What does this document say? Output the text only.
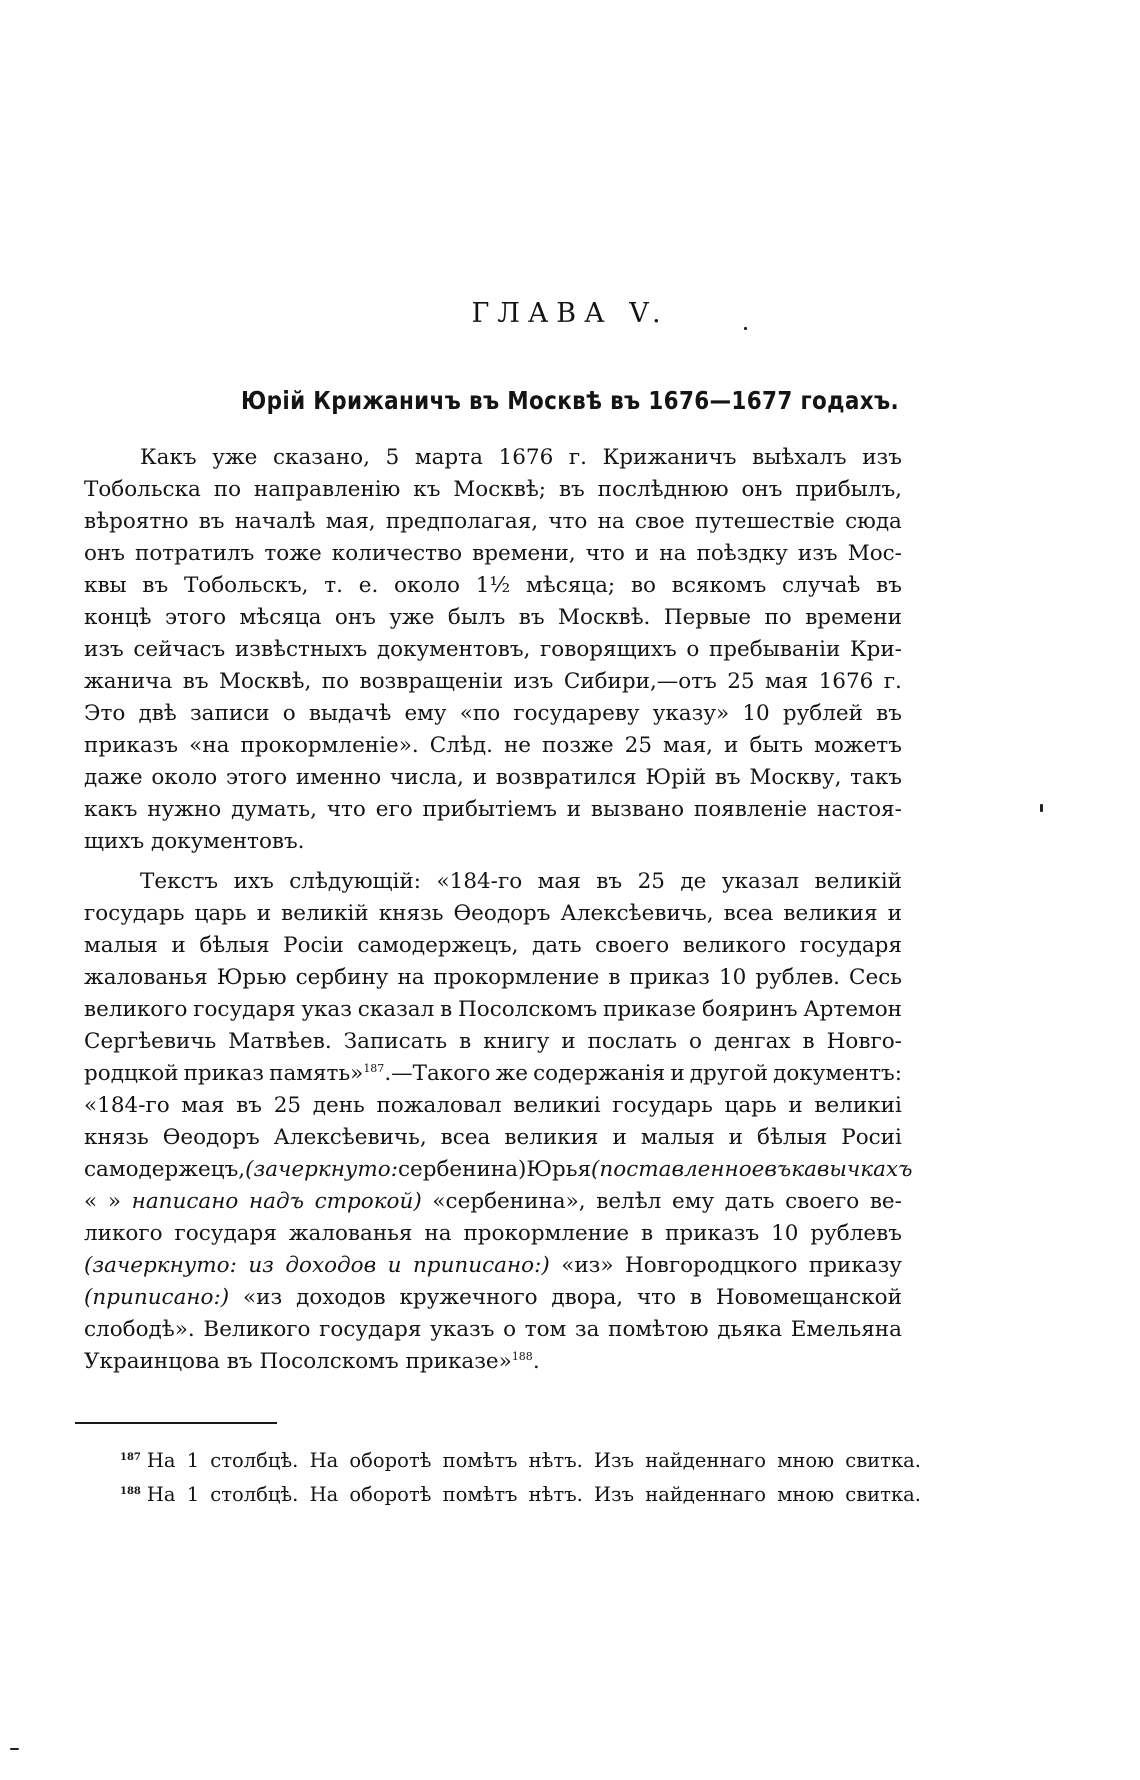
ГЛАВА V.
Юрій Крижаничъ въ Москвѣ въ 1676—1677 годахъ.
Какъ уже сказано, 5 марта 1676 г. Крижаничъ выѣхалъ изъ
Тобольска по направленію къ Москвѣ; въ послѣднюю онъ прибылъ,
вѣроятно въ началѣ мая, предполагая, что на свое путешествіе сюда
онъ потратилъ тоже количество времени, что и на поѣздку изъ Мос-
квы въ Тобольскъ, т. е. около 1½ мѣсяца; во всякомъ случаѣ въ
концѣ этого мѣсяца онъ уже былъ въ Москвѣ. Первые по времени
изъ сейчасъ извѣстныхъ документовъ, говорящихъ о пребываніи Кри-
жанича въ Москвѣ, по возвращеніи изъ Сибири,—отъ 25 мая 1676 г.
Это двѣ записи о выдачѣ ему «по государеву указу» 10 рублей въ
приказъ «на прокормленіе». Слѣд. не позже 25 мая, и быть можетъ
даже около этого именно числа, и возвратился Юрій въ Москву, такъ
какъ нужно думать, что его прибытіемъ и вызвано появленіе настоя-
щихъ документовъ.
Текстъ ихъ слѣдующій: «184-го мая въ 25 де указал великій
государь царь и великій князь Ѳеодоръ Алексѣевичь, всеа великия и
малыя и бѣлыя Росіи самодержецъ, дать своего великого государя
жалованья Юрью сербину на прокормление в приказ 10 рублев. Сесь
великого государя указ сказал в Посолскомъ приказе бояринъ Артемон
Сергѣевичь Матвѣев. Записать в книгу и послать о денгах в Новго-
родцкой приказ память»$^{187}$.—Такого же содержанія и другой документъ:
«184-го мая въ 25 день пожаловал великиі государь царь и великиі
князь Ѳеодоръ Алексѣевичь, всеа великия и малыя и бѣлыя Росиі
самодержецъ, (зачеркнуто: сербенина) Юрья (поставленное въ кавычкахъ
« » написано надъ строкой) «сербенина», велѣл ему дать своего ве-
ликого государя жалованья на прокормление в приказъ 10 рублевъ
(зачеркнуто: из доходов и приписано:) «из» Новгородцкого приказу
(приписано:) «из доходов кружечного двора, что в Новомещанской
слободѣ». Великого государя указъ о том за помѣтою дьяка Емельяна
Украинцова въ Посолскомъ приказе»$^{188}$.
$^{187}$ На 1 столбцѣ. На оборотѣ помѣтъ нѣтъ. Изъ найденнаго мною свитка.
$^{188}$ На 1 столбцѣ. На оборотѣ помѣтъ нѣтъ. Изъ найденнаго мною свитка.
